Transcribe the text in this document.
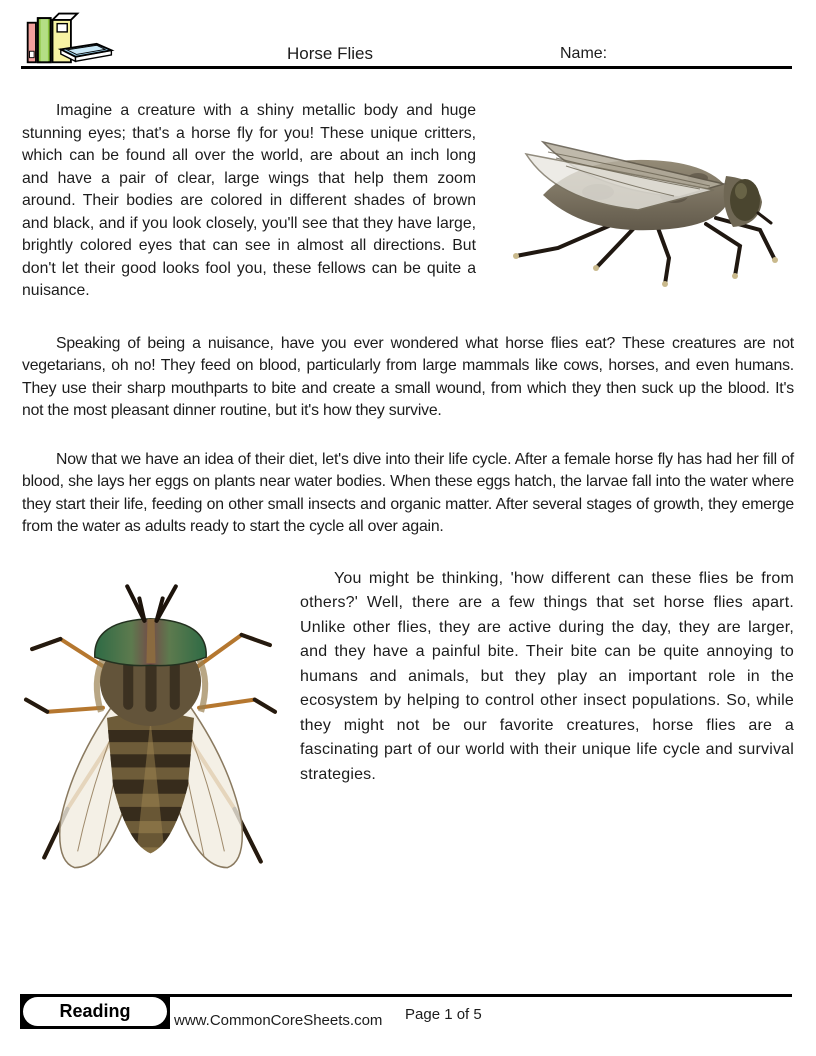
Horse Flies	Name:

Imagine a creature with a shiny metallic body and huge stunning eyes; that's a horse fly for you! These unique critters, which can be found all over the world, are about an inch long and have a pair of clear, large wings that help them zoom around. Their bodies are colored in different shades of brown and black, and if you look closely, you'll see that they have large, brightly colored eyes that can see in almost all directions. But don't let their good looks fool you, these fellows can be quite a nuisance.

Speaking of being a nuisance, have you ever wondered what horse flies eat? These creatures are not vegetarians, oh no! They feed on blood, particularly from large mammals like cows, horses, and even humans. They use their sharp mouthparts to bite and create a small wound, from which they then suck up the blood. It's not the most pleasant dinner routine, but it's how they survive.

Now that we have an idea of their diet, let's dive into their life cycle. After a female horse fly has had her fill of blood, she lays her eggs on plants near water bodies. When these eggs hatch, the larvae fall into the water where they start their life, feeding on other small insects and organic matter. After several stages of growth, they emerge from the water as adults ready to start the cycle all over again.

You might be thinking, 'how different can these flies be from others?' Well, there are a few things that set horse flies apart. Unlike other flies, they are active during the day, they are larger, and they have a painful bite. Their bite can be quite annoying to humans and animals, but they play an important role in the ecosystem by helping to control other insect populations. So, while they might not be our favorite creatures, horse flies are a fascinating part of our world with their unique life cycle and survival strategies.

Reading	www.CommonCoreSheets.com Page 1 of 5
